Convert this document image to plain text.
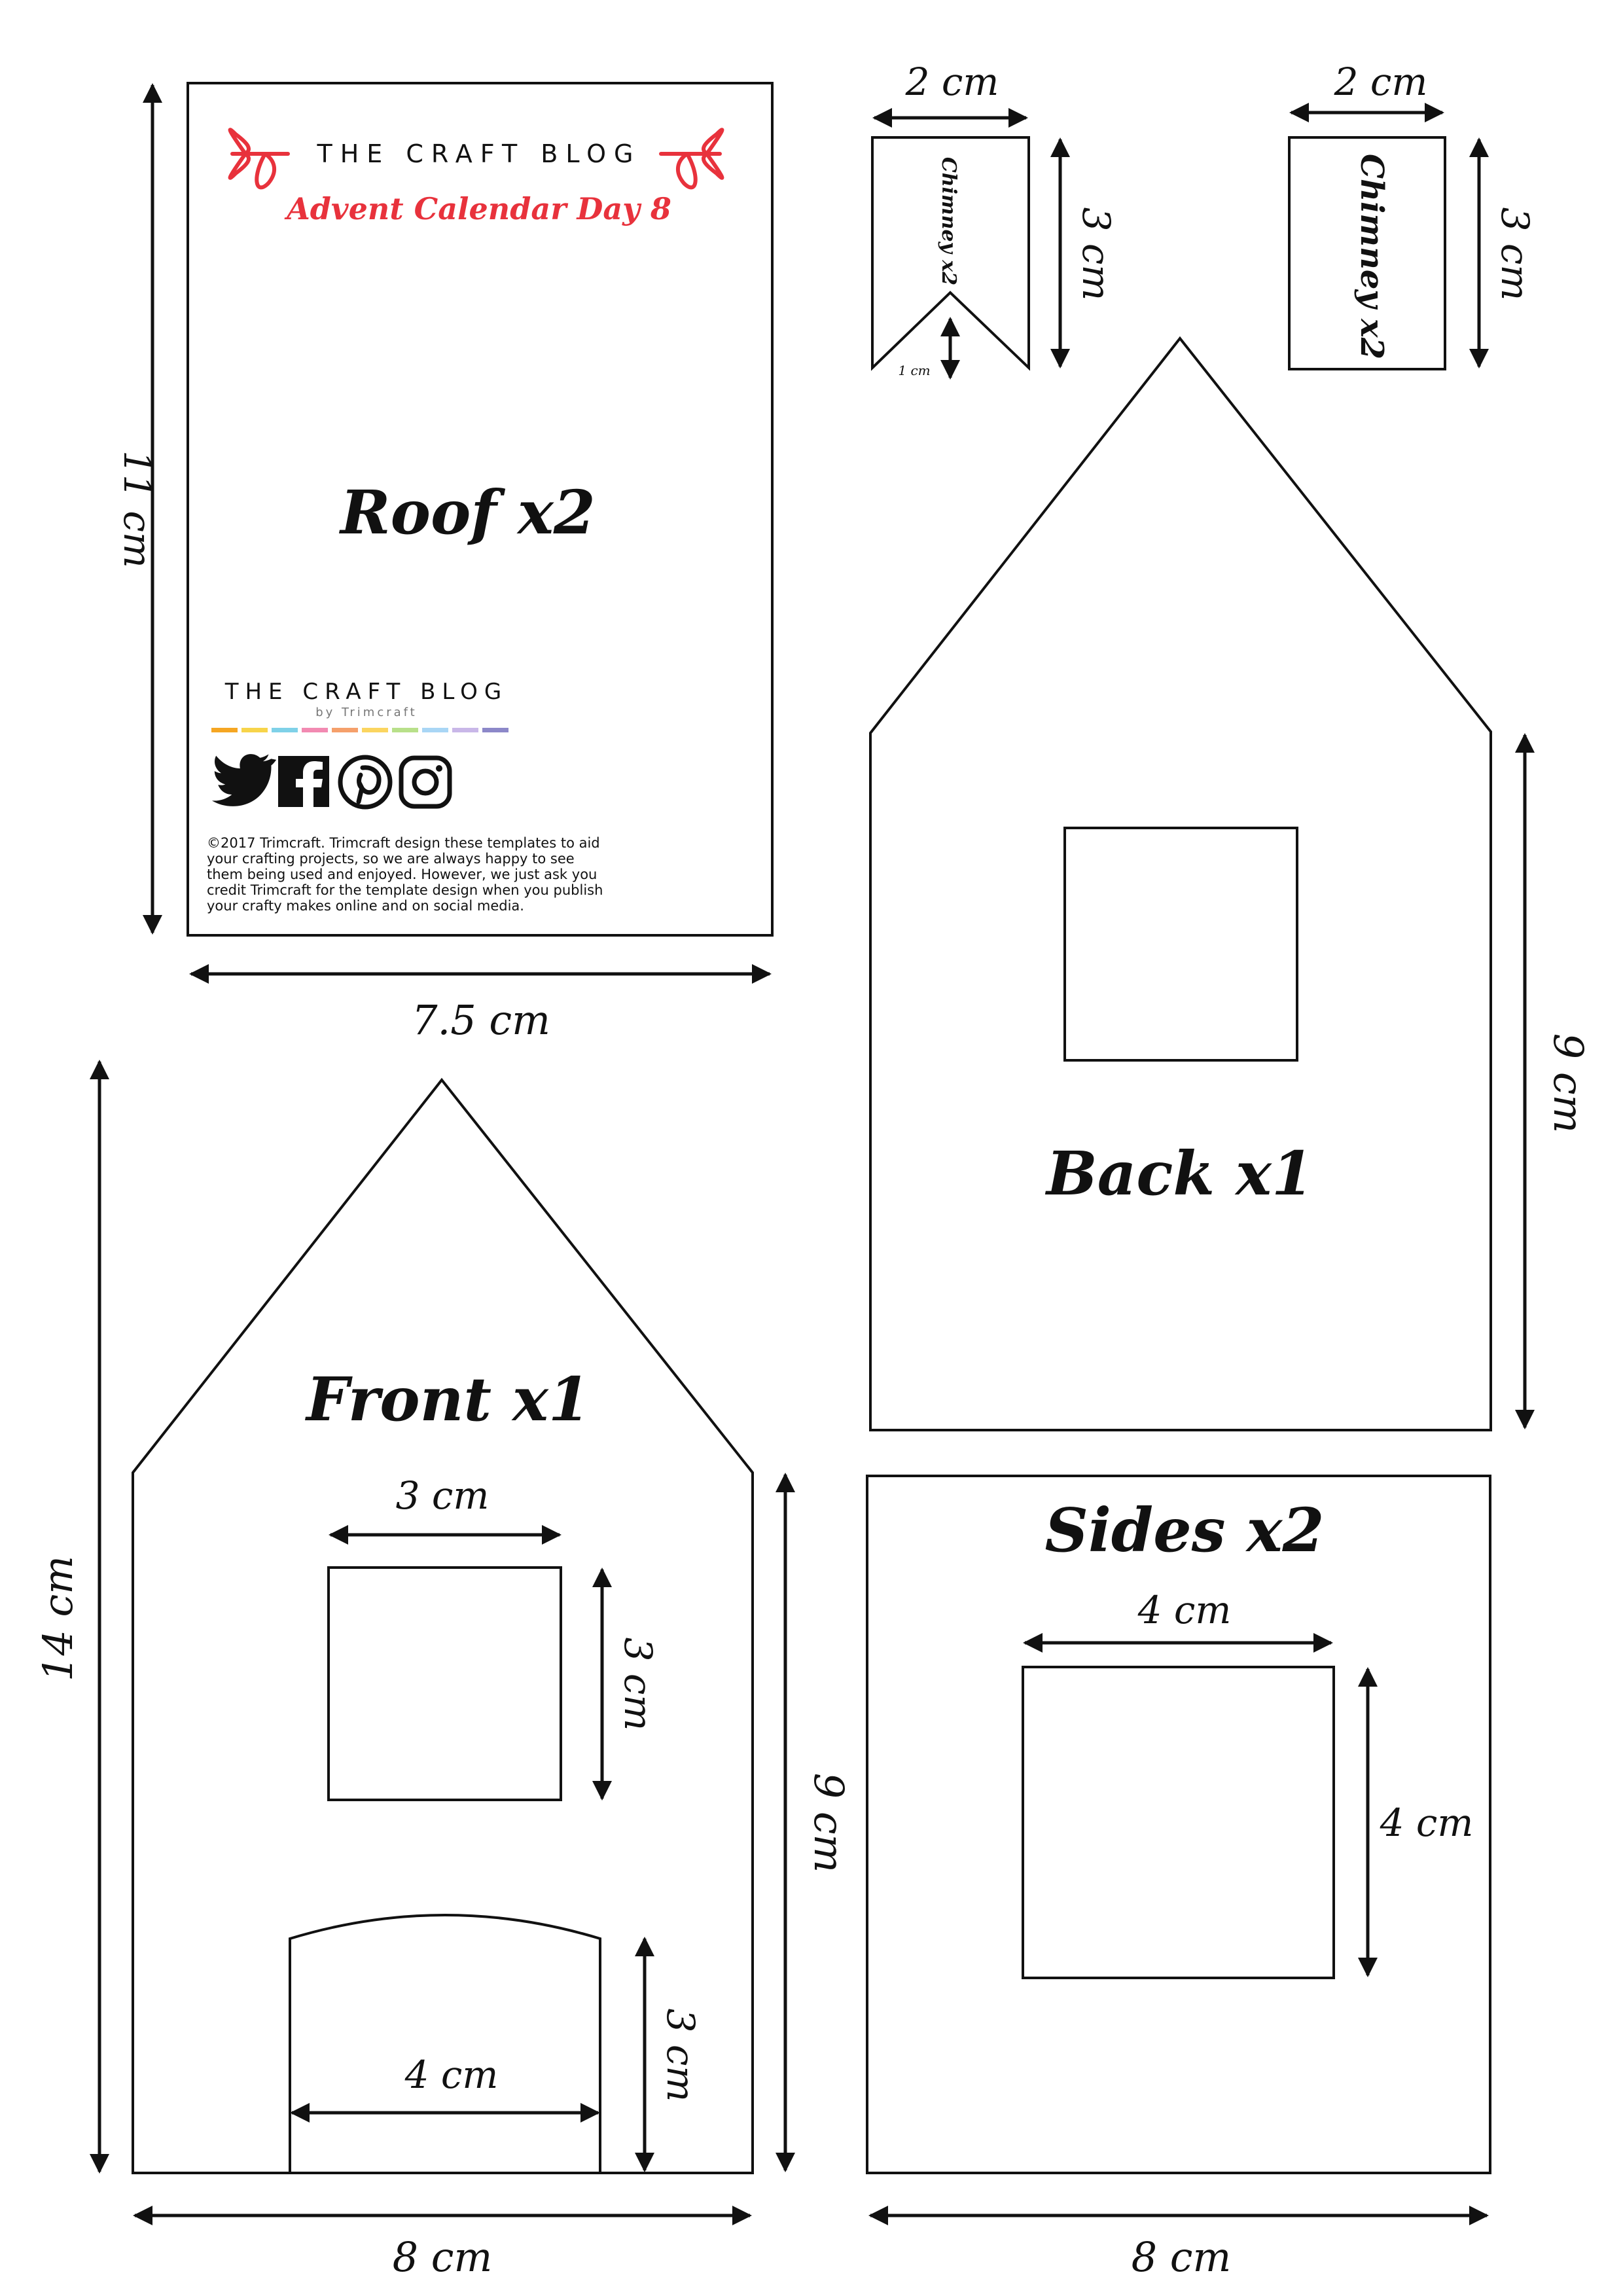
THE CRAFT BLOG
Advent Calendar Day 8
Roof x2
THE CRAFT BLOG
by Trimcraft
©2017 Trimcraft. Trimcraft design these templates to aid
your crafting projects, so we are always happy to see
them being used and enjoyed. However, we just ask you
credit Trimcraft for the template design when you publish
your crafty makes online and on social media.
11 cm
7.5 cm
Chimney x2
2 cm
3 cm
1 cm
Chimney x2
2 cm
3 cm
Back x1
9 cm
Front x1
3 cm
3 cm
4 cm	3 cm
14 cm
9 cm
8 cm
Sides x2
4 cm
4 cm
8 cm
